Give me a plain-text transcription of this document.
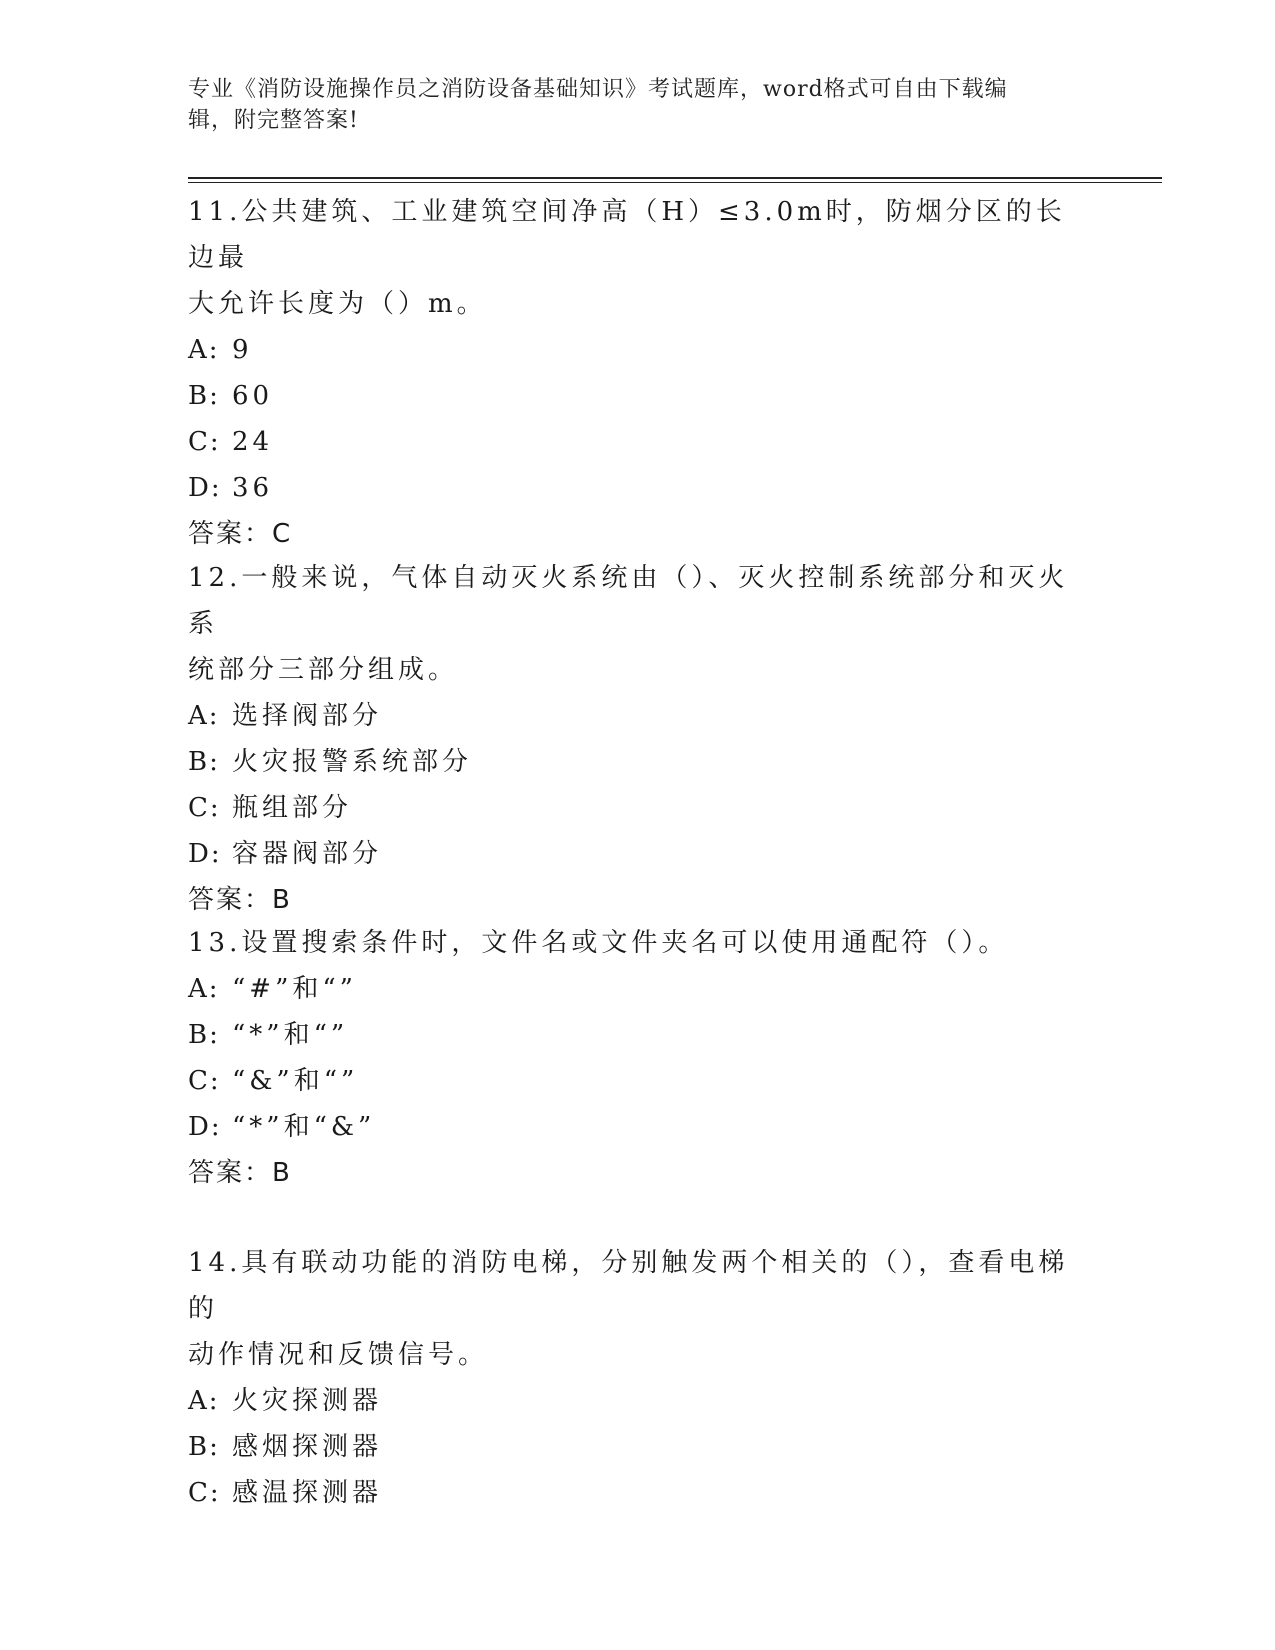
专业《消防设施操作员之消防设备基础知识》考试题库，word格式可自由下载编
辑，附完整答案!

11.公共建筑、工业建筑空间净高（H）≤3.0m时，防烟分区的长边最
大允许长度为（）m。

A: 9

B: 60

C: 24

D: 36

答案：C

12.一般来说，气体自动灭火系统由（）、灭火控制系统部分和灭火系
统部分三部分组成。

A: 选择阀部分

B: 火灾报警系统部分

C: 瓶组部分

D: 容器阀部分

答案：B

13.设置搜索条件时，文件名或文件夹名可以使用通配符（）。

A: “#”和“”

B: “*”和“”

C: “&”和“”

D: “*”和“&”

答案：B

14.具有联动功能的消防电梯，分别触发两个相关的（），查看电梯的
动作情况和反馈信号。

A: 火灾探测器

B: 感烟探测器

C: 感温探测器
